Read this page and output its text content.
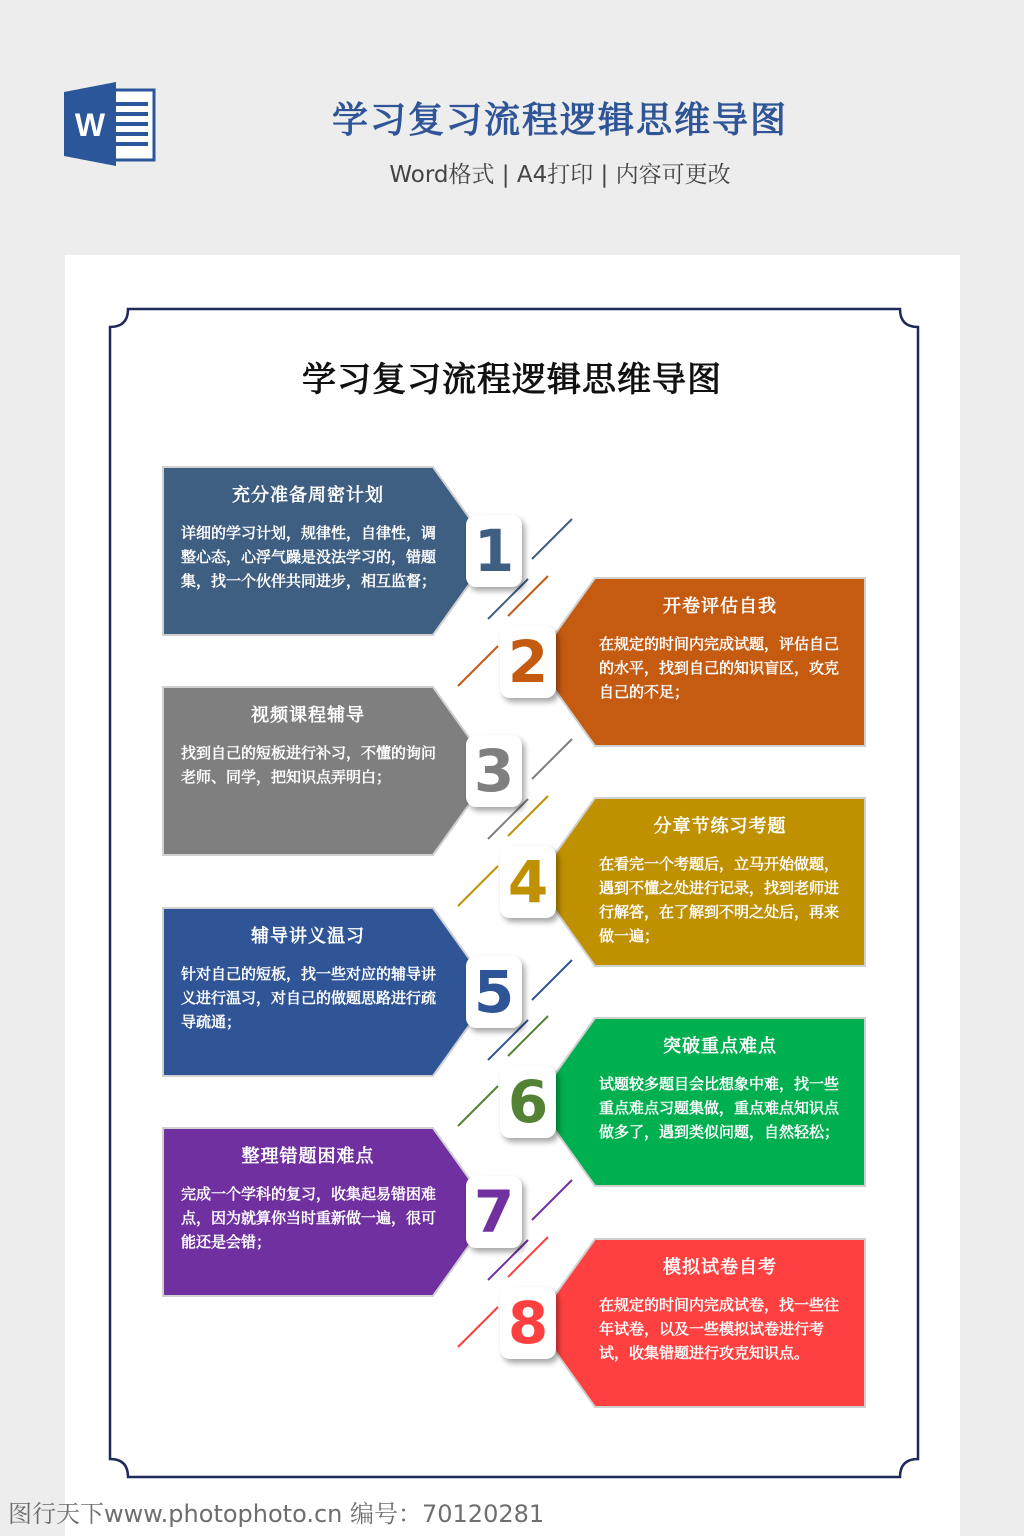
W	学习复习流程逻辑思维导图
Word格式 | A4打印 | 内容可更改
学习复习流程逻辑思维导图
充分准备周密计划
详细的学习计划，规律性，自律性，调整心态，心浮气躁是没法学习的，错题集，找一个伙伴共同进步，相互监督； 1
开卷评估自我
在规定的时间内完成试题，评估自己的水平，找到自己的知识盲区，攻克自己的不足；
2
视频课程辅导
找到自己的短板进行补习，不懂的询问老师、同学，把知识点弄明白；	3
分章节练习考题
在看完一个考题后，立马开始做题，遇到不懂之处进行记录，找到老师进行解答，在了解到不明之处后，再来做一遍；
4
辅导讲义温习
针对自己的短板，找一些对应的辅导讲义进行温习，对自己的做题思路进行疏导疏通；	5
突破重点难点
试题较多题目会比想象中难，找一些重点难点习题集做，重点难点知识点做多了，遇到类似问题，自然轻松；
6
整理错题困难点
完成一个学科的复习，收集起易错困难点，因为就算你当时重新做一遍，很可能还是会错；	7
模拟试卷自考
在规定的时间内完成试卷，找一些往年试卷，以及一些模拟试卷进行考试，收集错题进行攻克知识点。
8
图行天下www.photophoto.cn 编号：70120281
